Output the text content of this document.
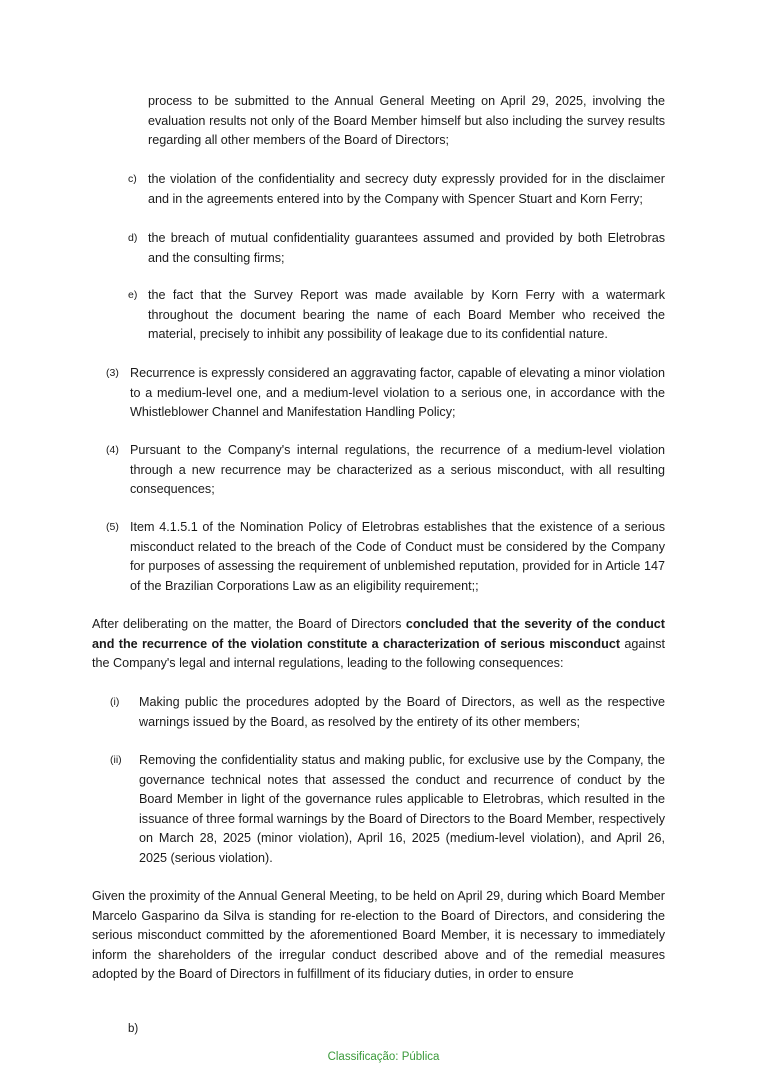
process to be submitted to the Annual General Meeting on April 29, 2025, involving the evaluation results not only of the Board Member himself but also including the survey results regarding all other members of the Board of Directors;

c) the violation of the confidentiality and secrecy duty expressly provided for in the disclaimer and in the agreements entered into by the Company with Spencer Stuart and Korn Ferry;
d) the breach of mutual confidentiality guarantees assumed and provided by both Eletrobras and the consulting firms;
e) the fact that the Survey Report was made available by Korn Ferry with a watermark throughout the document bearing the name of each Board Member who received the material, precisely to inhibit any possibility of leakage due to its confidential nature.
(3) Recurrence is expressly considered an aggravating factor, capable of elevating a minor violation to a medium-level one, and a medium-level violation to a serious one, in accordance with the Whistleblower Channel and Manifestation Handling Policy;
(4) Pursuant to the Company's internal regulations, the recurrence of a medium-level violation through a new recurrence may be characterized as a serious misconduct, with all resulting consequences;
(5) Item 4.1.5.1 of the Nomination Policy of Eletrobras establishes that the existence of a serious misconduct related to the breach of the Code of Conduct must be considered by the Company for purposes of assessing the requirement of unblemished reputation, provided for in Article 147 of the Brazilian Corporations Law as an eligibility requirement;;

After deliberating on the matter, the Board of Directors concluded that the severity of the conduct and the recurrence of the violation constitute a characterization of serious misconduct against the Company's legal and internal regulations, leading to the following consequences:

(i) Making public the procedures adopted by the Board of Directors, as well as the respective warnings issued by the Board, as resolved by the entirety of its other members;
(ii) Removing the confidentiality status and making public, for exclusive use by the Company, the governance technical notes that assessed the conduct and recurrence of conduct by the Board Member in light of the governance rules applicable to Eletrobras, which resulted in the issuance of three formal warnings by the Board of Directors to the Board Member, respectively on March 28, 2025 (minor violation), April 16, 2025 (medium-level violation), and April 26, 2025 (serious violation).

Given the proximity of the Annual General Meeting, to be held on April 29, during which Board Member Marcelo Gasparino da Silva is standing for re-election to the Board of Directors, and considering the serious misconduct committed by the aforementioned Board Member, it is necessary to immediately inform the shareholders of the irregular conduct described above and of the remedial measures adopted by the Board of Directors in fulfillment of its fiduciary duties, in order to ensure

b)
Classificação: Pública
